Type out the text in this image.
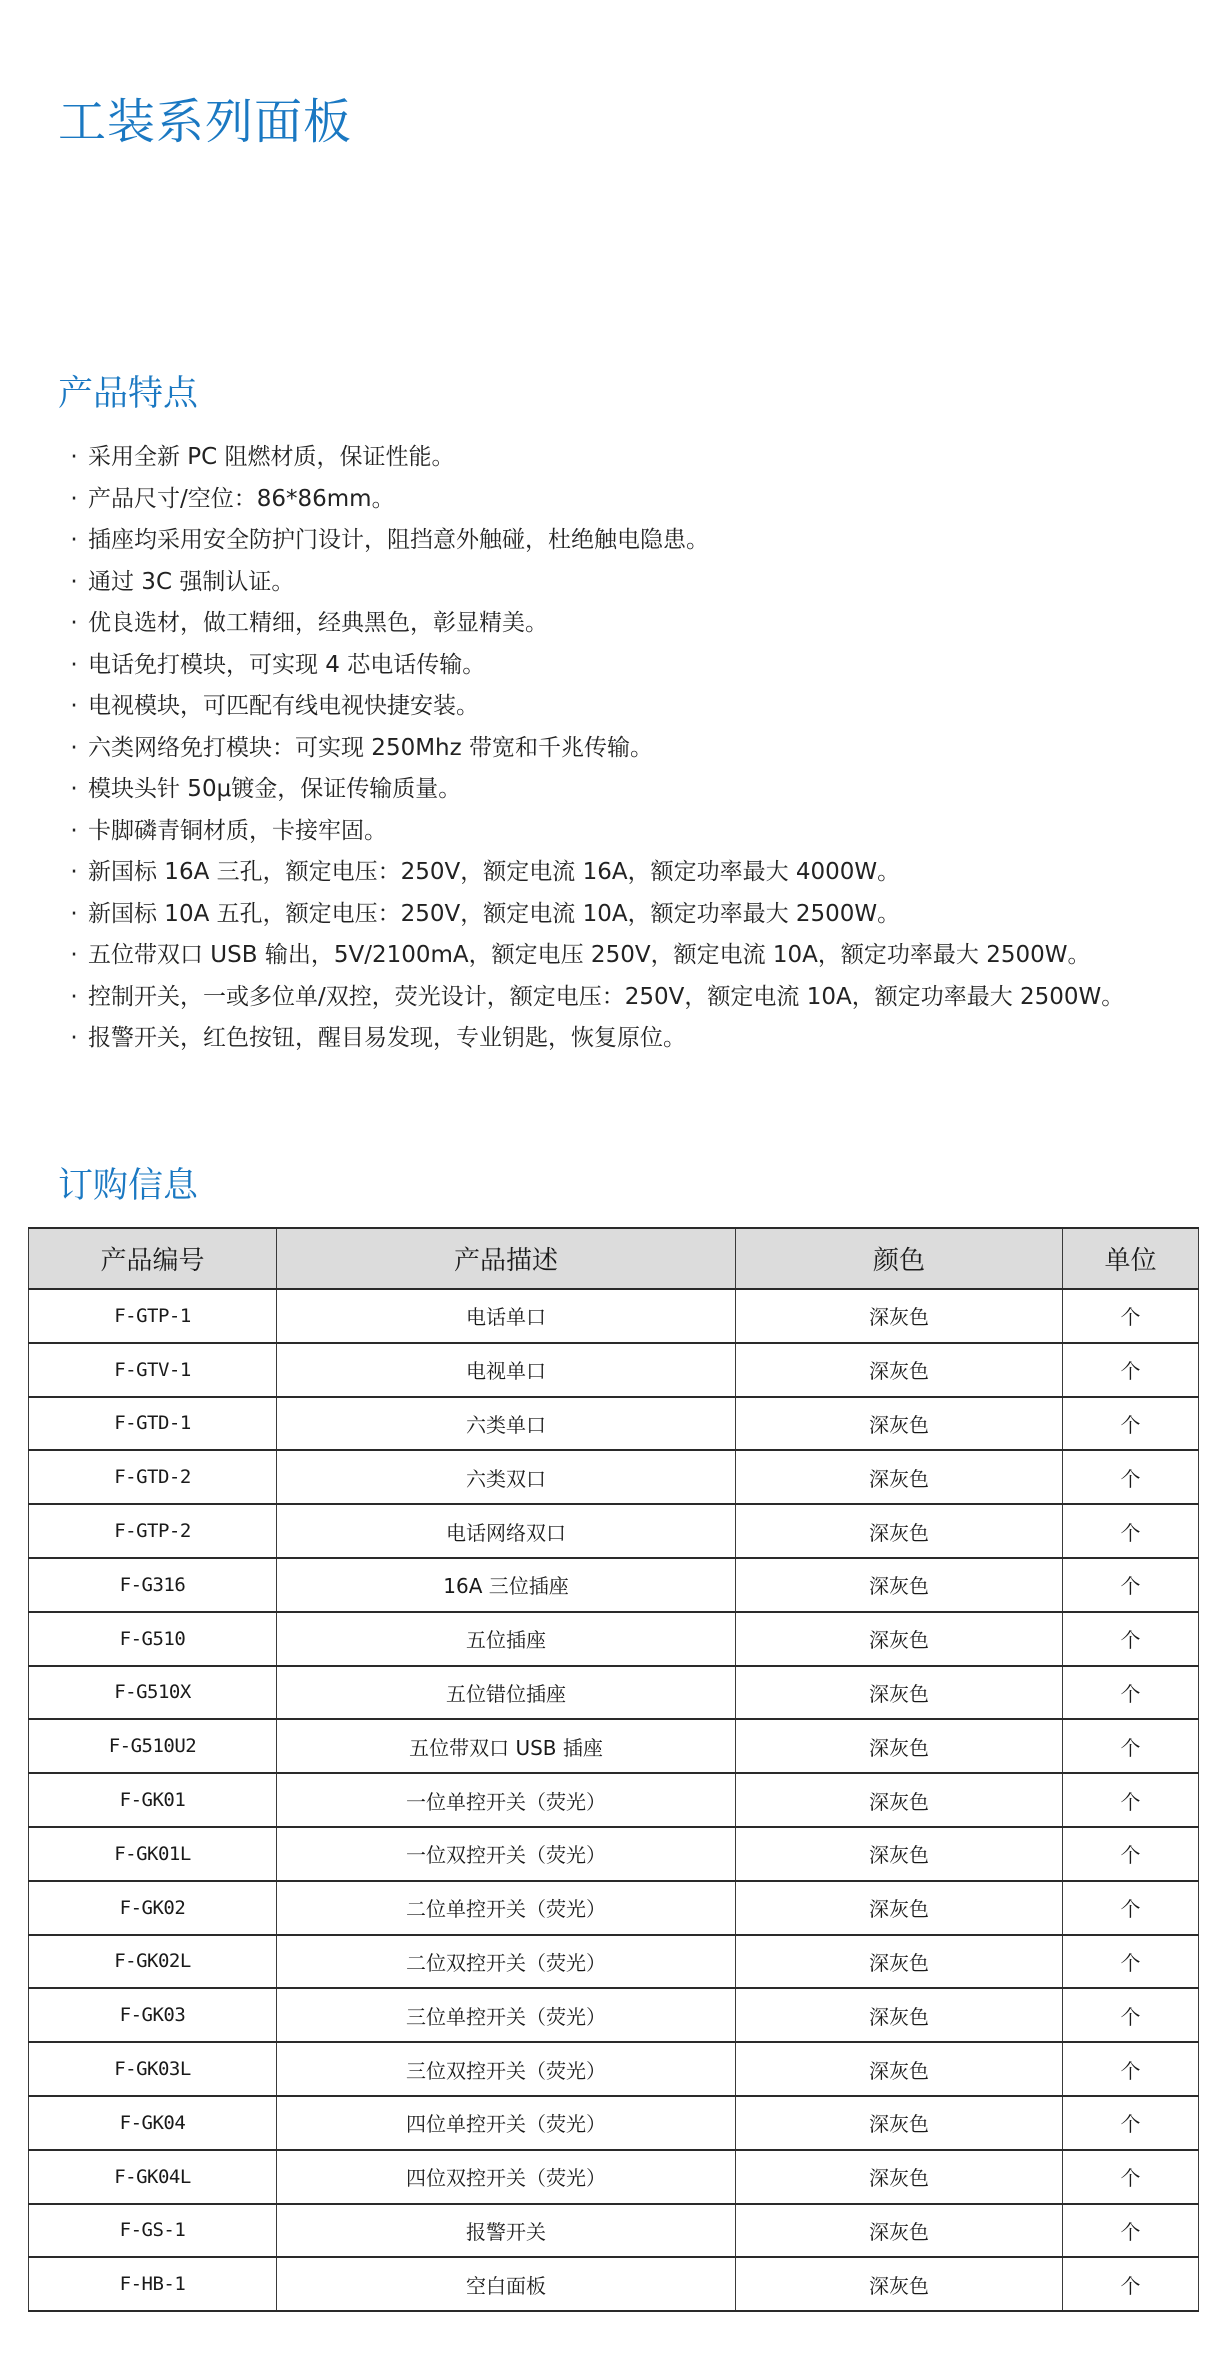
工装系列面板
产品特点
· 采用全新 PC 阻燃材质，保证性能。
· 产品尺寸/空位：86*86mm。
· 插座均采用安全防护门设计，阻挡意外触碰，杜绝触电隐患。
· 通过 3C 强制认证。
· 优良选材，做工精细，经典黑色，彰显精美。
· 电话免打模块，可实现 4 芯电话传输。
· 电视模块，可匹配有线电视快捷安装。
· 六类网络免打模块：可实现 250Mhz 带宽和千兆传输。
· 模块头针 50μ镀金，保证传输质量。
· 卡脚磷青铜材质，卡接牢固。
· 新国标 16A 三孔，额定电压：250V，额定电流 16A，额定功率最大 4000W。
· 新国标 10A 五孔，额定电压：250V，额定电流 10A，额定功率最大 2500W。
· 五位带双口 USB 输出，5V/2100mA，额定电压 250V，额定电流 10A，额定功率最大 2500W。
· 控制开关，一或多位单/双控，荧光设计，额定电压：250V，额定电流 10A，额定功率最大 2500W。
· 报警开关，红色按钮，醒目易发现，专业钥匙，恢复原位。
订购信息
产品编号	产品描述	颜色	单位
F-GTP-1	电话单口	深灰色	个
F-GTV-1	电视单口	深灰色	个
F-GTD-1	六类单口	深灰色	个
F-GTD-2	六类双口	深灰色	个
F-GTP-2	电话网络双口	深灰色	个
F-G316	16A 三位插座	深灰色	个
F-G510	五位插座	深灰色	个
F-G510X	五位错位插座	深灰色	个
F-G510U2	五位带双口 USB 插座	深灰色	个
F-GK01	一位单控开关（荧光）	深灰色	个
F-GK01L	一位双控开关（荧光）	深灰色	个
F-GK02	二位单控开关（荧光）	深灰色	个
F-GK02L	二位双控开关（荧光）	深灰色	个
F-GK03	三位单控开关（荧光）	深灰色	个
F-GK03L	三位双控开关（荧光）	深灰色	个
F-GK04	四位单控开关（荧光）	深灰色	个
F-GK04L	四位双控开关（荧光）	深灰色	个
F-GS-1	报警开关	深灰色	个
F-HB-1	空白面板	深灰色	个
